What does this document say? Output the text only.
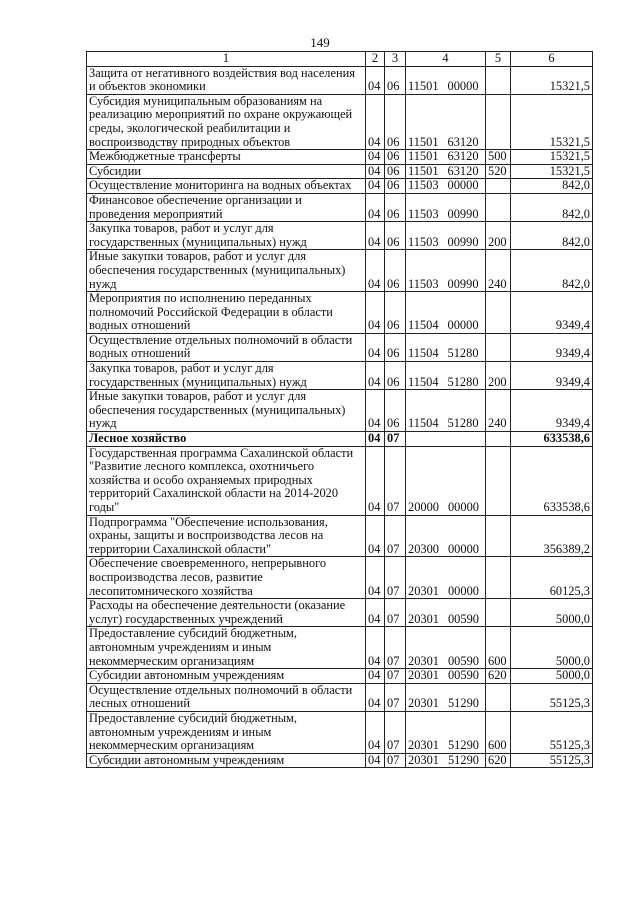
149
1	2	3	4	5	6
Защита от негативного воздействия вод населения и объектов экономики	04	06	11501 00000		15321,5
Субсидия муниципальным образованиям на реализацию мероприятий по охране окружающей среды, экологической реабилитации и воспроизводству природных объектов	04	06	11501 63120		15321,5
Межбюджетные трансферты	04	06	11501 63120	500	15321,5
Субсидии	04	06	11501 63120	520	15321,5
Осуществление мониторинга на водных объектах	04	06	11503 00000		842,0
Финансовое обеспечение организации и проведения мероприятий	04	06	11503 00990		842,0
Закупка товаров, работ и услуг для государственных (муниципальных) нужд	04	06	11503 00990	200	842,0
Иные закупки товаров, работ и услуг для обеспечения государственных (муниципальных) нужд	04	06	11503 00990	240	842,0
Мероприятия по исполнению переданных полномочий Российской Федерации в области водных отношений	04	06	11504 00000		9349,4
Осуществление отдельных полномочий в области водных отношений	04	06	11504 51280		9349,4
Закупка товаров, работ и услуг для государственных (муниципальных) нужд	04	06	11504 51280	200	9349,4
Иные закупки товаров, работ и услуг для обеспечения государственных (муниципальных) нужд	04	06	11504 51280	240	9349,4
Лесное хозяйство	04	07			633538,6
Государственная программа Сахалинской области "Развитие лесного комплекса, охотничьего хозяйства и особо охраняемых природных территорий Сахалинской области на 2014-2020 годы"	04	07	20000 00000		633538,6
Подпрограмма "Обеспечение использования, охраны, защиты и воспроизводства лесов на территории Сахалинской области"	04	07	20300 00000		356389,2
Обеспечение своевременного, непрерывного воспроизводства лесов, развитие лесопитомнического хозяйства	04	07	20301 00000		60125,3
Расходы на обеспечение деятельности (оказание услуг) государственных учреждений	04	07	20301 00590		5000,0
Предоставление субсидий бюджетным, автономным учреждениям и иным некоммерческим организациям	04	07	20301 00590	600	5000,0
Субсидии автономным учреждениям	04	07	20301 00590	620	5000,0
Осуществление отдельных полномочий в области лесных отношений	04	07	20301 51290		55125,3
Предоставление субсидий бюджетным, автономным учреждениям и иным некоммерческим организациям	04	07	20301 51290	600	55125,3
Субсидии автономным учреждениям	04	07	20301 51290	620	55125,3
